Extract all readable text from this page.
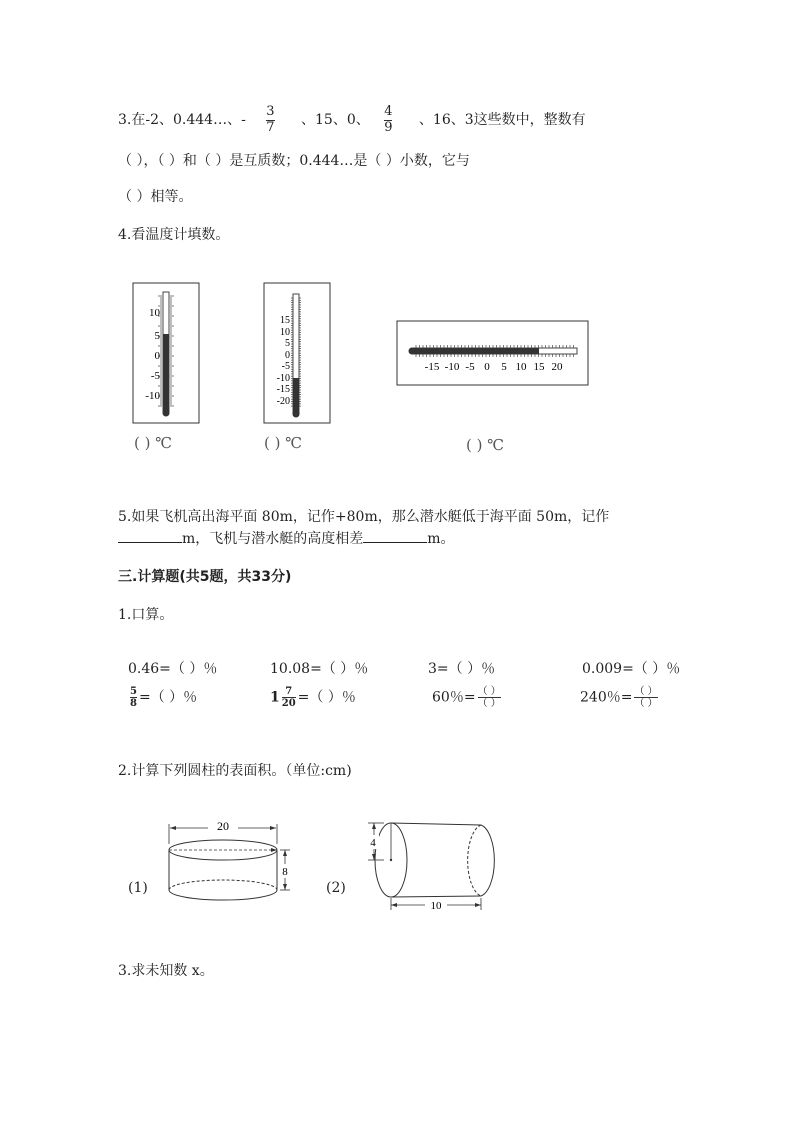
3.在-2、0.444…、- $\frac{3}{7}$ 、15、0、 $\frac{4}{9}$ 、16、3这些数中，整数有
（ ），（ ）和（ ）是互质数；0.444…是（ ）小数，它与
（ ）相等。
4.看温度计填数。
10
5
0
-5
-10
( ) ℃
15
10
5
0
-5
-10
-15
-20
( ) ℃
-15 -10 -5 0 5 10 15 20
( ) ℃
5.如果飞机高出海平面 80m，记作+80m，那么潜水艇低于海平面 50m，记作
m，飞机与潜水艇的高度相差	m。
三.计算题(共5题，共33分)
1.口算。
0.46=（ ）％	10.08=（ ）％	3=（ ）％	0.009=（ ）％
$\frac{5}{8}$ =（ ）％	$1 \frac{7}{20}$ =（ ）％	60％= $\frac{( )}{( )}$	240％= $\frac{( )}{( )}$
2.计算下列圆柱的表面积。（单位:cm)
(1)
20
8
(2)
4
10
3.求未知数 x。
